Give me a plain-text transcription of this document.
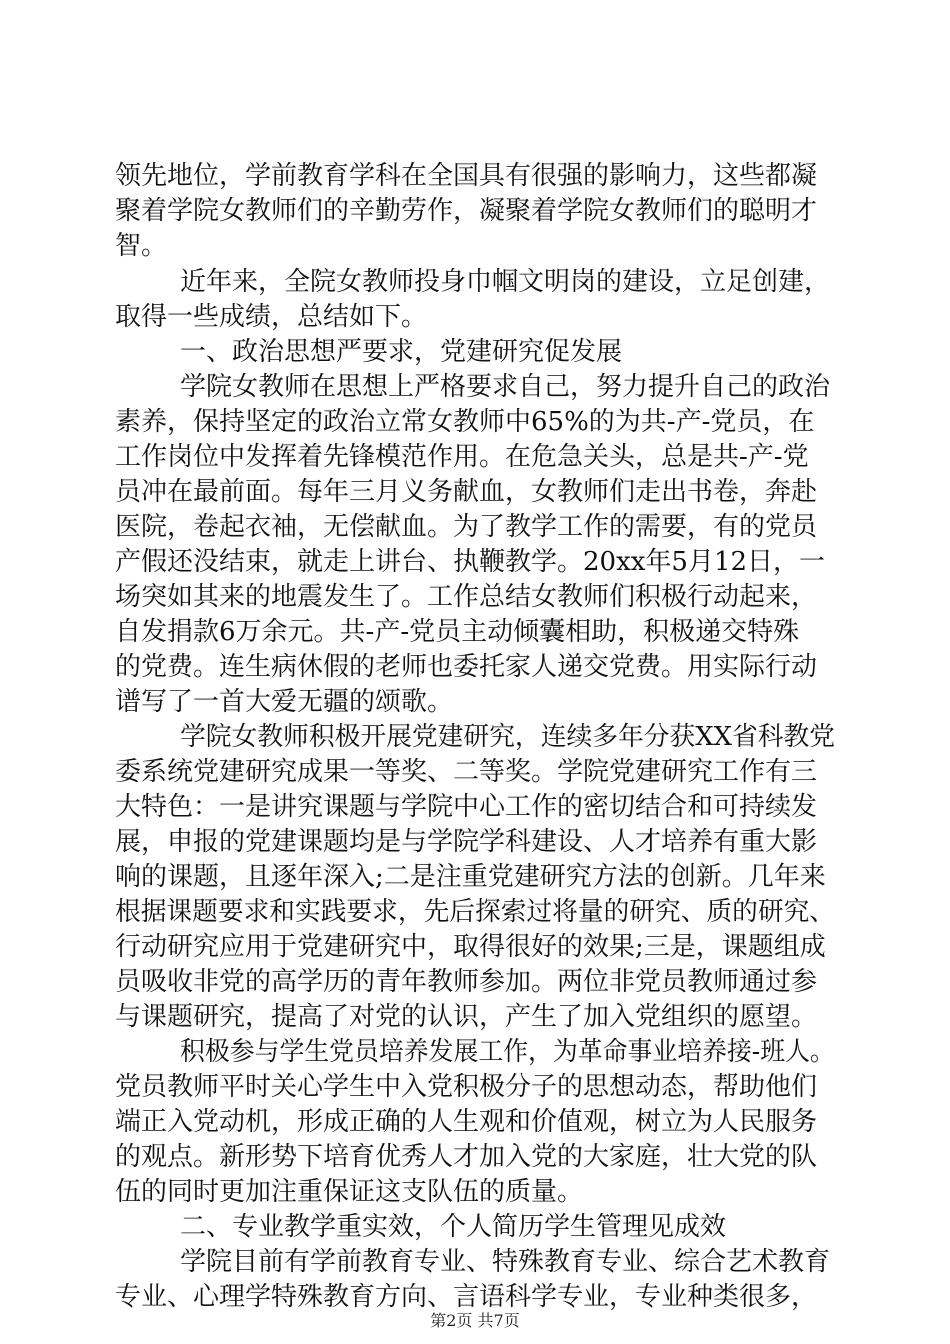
领先地位，学前教育学科在全国具有很强的影响力，这些都凝
聚着学院女教师们的辛勤劳作，凝聚着学院女教师们的聪明才
智。
近年来，全院女教师投身巾帼文明岗的建设，立足创建，
取得一些成绩，总结如下。
一、政治思想严要求，党建研究促发展
学院女教师在思想上严格要求自己，努力提升自己的政治
素养，保持坚定的政治立常女教师中65%的为共-产-党员，在
工作岗位中发挥着先锋模范作用。在危急关头，总是共-产-党
员冲在最前面。每年三月义务献血，女教师们走出书卷，奔赴
医院，卷起衣袖，无偿献血。为了教学工作的需要，有的党员
产假还没结束，就走上讲台、执鞭教学。20xx年5月12日，一
场突如其来的地震发生了。工作总结女教师们积极行动起来，
自发捐款6万余元。共-产-党员主动倾囊相助，积极递交特殊
的党费。连生病休假的老师也委托家人递交党费。用实际行动
谱写了一首大爱无疆的颂歌。
学院女教师积极开展党建研究，连续多年分获XX省科教党
委系统党建研究成果一等奖、二等奖。学院党建研究工作有三
大特色：一是讲究课题与学院中心工作的密切结合和可持续发
展，申报的党建课题均是与学院学科建设、人才培养有重大影
响的课题，且逐年深入;二是注重党建研究方法的创新。几年来
根据课题要求和实践要求，先后探索过将量的研究、质的研究、
行动研究应用于党建研究中，取得很好的效果;三是，课题组成
员吸收非党的高学历的青年教师参加。两位非党员教师通过参
与课题研究，提高了对党的认识，产生了加入党组织的愿望。
积极参与学生党员培养发展工作，为革命事业培养接-班人。
党员教师平时关心学生中入党积极分子的思想动态，帮助他们
端正入党动机，形成正确的人生观和价值观，树立为人民服务
的观点。新形势下培育优秀人才加入党的大家庭，壮大党的队
伍的同时更加注重保证这支队伍的质量。
二、专业教学重实效，个人简历学生管理见成效
学院目前有学前教育专业、特殊教育专业、综合艺术教育
专业、心理学特殊教育方向、言语科学专业，专业种类很多，
第2页 共7页
